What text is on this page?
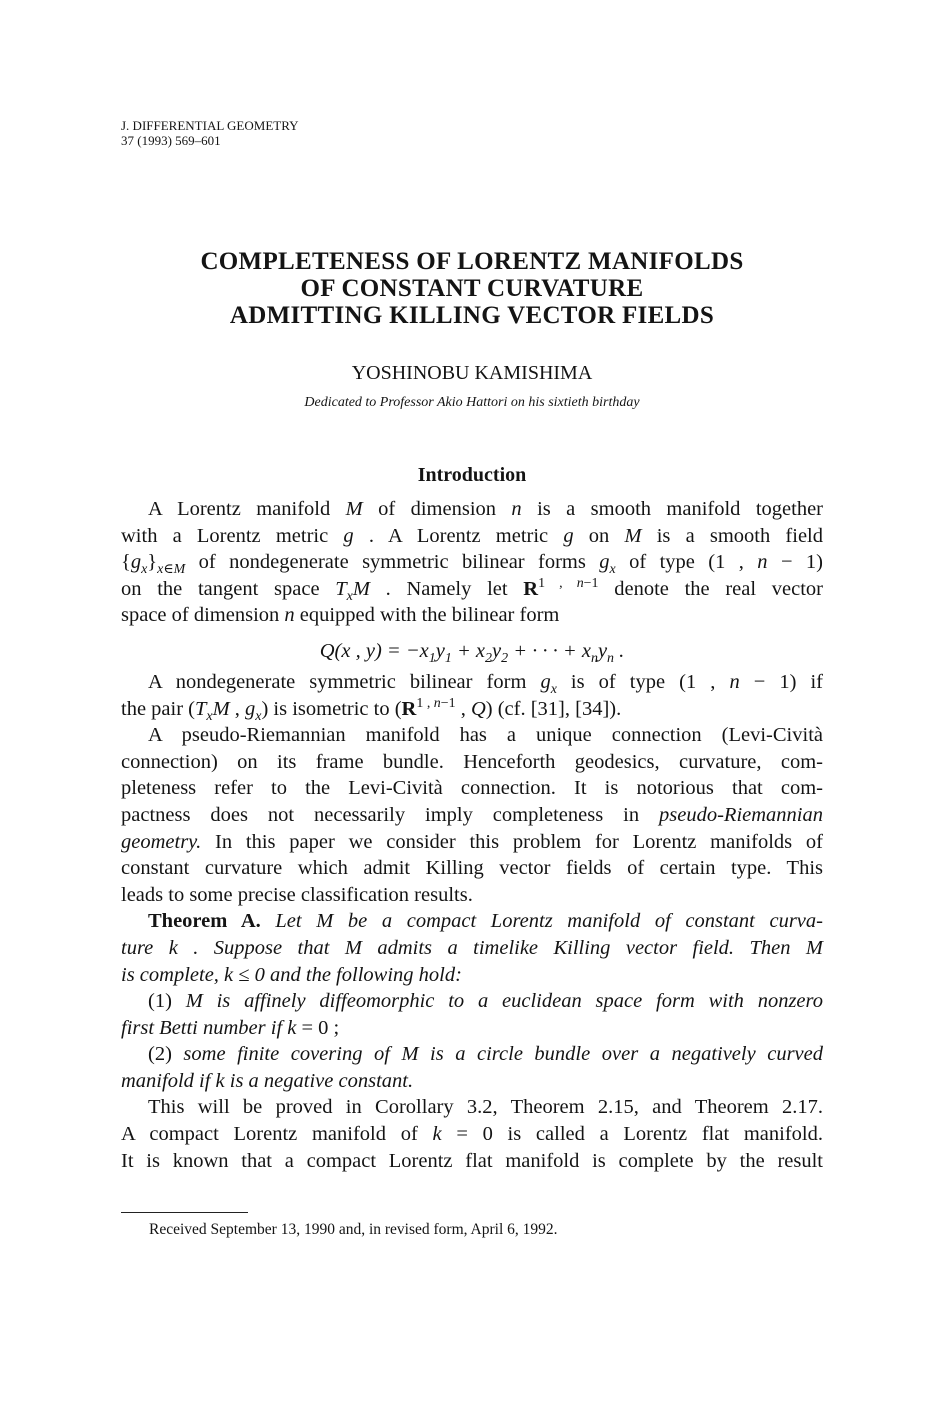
J. DIFFERENTIAL GEOMETRY
37 (1993) 569–601
COMPLETENESS OF LORENTZ MANIFOLDS
OF CONSTANT CURVATURE
ADMITTING KILLING VECTOR FIELDS
YOSHINOBU KAMISHIMA
Dedicated to Professor Akio Hattori on his sixtieth birthday
Introduction
A Lorentz manifold M of dimension n is a smooth manifold together
with a Lorentz metric g . A Lorentz metric g on M is a smooth field
$\{g_x\}_{x\in M}$ of nondegenerate symmetric bilinear forms $g_x$ of type (1 , n − 1)
on the tangent space $T_xM$ . Namely let $R^{1 , n-1}$ denote the real vector
space of dimension n equipped with the bilinear form
Q(x , $y) = -x_1y_1 + x_2y_2$ + · · · + $x_ny_n$ .
A nondegenerate symmetric bilinear form $g_x$ is of type (1 , n − 1) if
the pair ($T_xM$ , $g_x$) is isometric to ($R^{1 , n-1}$ , Q) (cf. [31], [34]).
A pseudo-Riemannian manifold has a unique connection (Levi-Cività
connection) on its frame bundle. Henceforth geodesics, curvature, com-
pleteness refer to the Levi-Cività connection. It is notorious that com-
pactness does not necessarily imply completeness in pseudo-Riemannian
geometry. In this paper we consider this problem for Lorentz manifolds of
constant curvature which admit Killing vector fields of certain type. This
leads to some precise classification results.
Theorem A. Let M be a compact Lorentz manifold of constant curva-
ture k . Suppose that M admits a timelike Killing vector field. Then M
is complete, k ≤ 0 and the following hold:
(1) M is affinely diffeomorphic to a euclidean space form with nonzero
first Betti number if k = 0 ;
(2) some finite covering of M is a circle bundle over a negatively curved
manifold if k is a negative constant.
This will be proved in Corollary 3.2, Theorem 2.15, and Theorem 2.17.
A compact Lorentz manifold of k = 0 is called a Lorentz flat manifold.
It is known that a compact Lorentz flat manifold is complete by the result
Received September 13, 1990 and, in revised form, April 6, 1992.
